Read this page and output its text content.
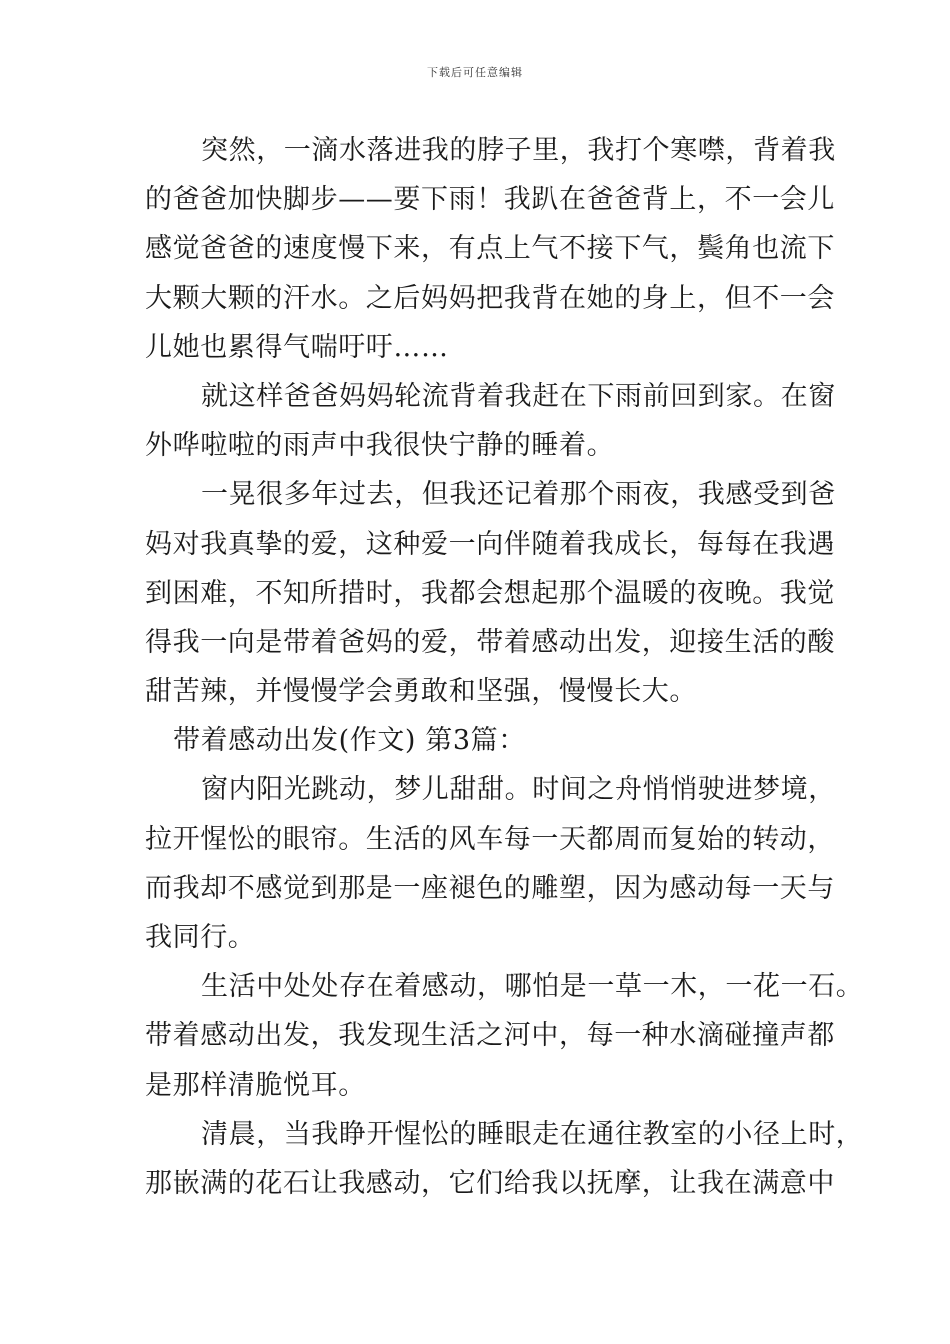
下载后可任意编辑
突然，一滴水落进我的脖子里，我打个寒噤，背着我
的爸爸加快脚步——要下雨！我趴在爸爸背上，不一会儿
感觉爸爸的速度慢下来，有点上气不接下气，鬓角也流下
大颗大颗的汗水。之后妈妈把我背在她的身上，但不一会
儿她也累得气喘吁吁……
就这样爸爸妈妈轮流背着我赶在下雨前回到家。在窗
外哗啦啦的雨声中我很快宁静的睡着。
一晃很多年过去，但我还记着那个雨夜，我感受到爸
妈对我真挚的爱，这种爱一向伴随着我成长，每每在我遇
到困难，不知所措时，我都会想起那个温暖的夜晚。我觉
得我一向是带着爸妈的爱，带着感动出发，迎接生活的酸
甜苦辣，并慢慢学会勇敢和坚强，慢慢长大。
带着感动出发(作文) 第3篇：
窗内阳光跳动，梦儿甜甜。时间之舟悄悄驶进梦境，
拉开惺忪的眼帘。生活的风车每一天都周而复始的转动，
而我却不感觉到那是一座褪色的雕塑，因为感动每一天与
我同行。
生活中处处存在着感动，哪怕是一草一木，一花一石。
带着感动出发，我发现生活之河中，每一种水滴碰撞声都
是那样清脆悦耳。
清晨，当我睁开惺忪的睡眼走在通往教室的小径上时，
那嵌满的花石让我感动，它们给我以抚摩，让我在满意中
